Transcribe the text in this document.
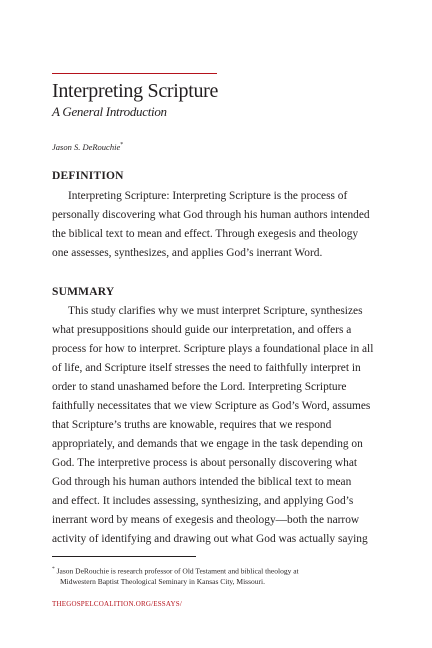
Interpreting Scripture
A General Introduction
Jason S. DeRouchie*
DEFINITION
Interpreting Scripture: Interpreting Scripture is the process of
personally discovering what God through his human authors intended
the biblical text to mean and effect. Through exegesis and theology
one assesses, synthesizes, and applies God’s inerrant Word.
SUMMARY
This study clarifies why we must interpret Scripture, synthesizes
what presuppositions should guide our interpretation, and offers a
process for how to interpret. Scripture plays a foundational place in all
of life, and Scripture itself stresses the need to faithfully interpret in
order to stand unashamed before the Lord. Interpreting Scripture
faithfully necessitates that we view Scripture as God’s Word, assumes
that Scripture’s truths are knowable, requires that we respond
appropriately, and demands that we engage in the task depending on
God. The interpretive process is about personally discovering what
God through his human authors intended the biblical text to mean
and effect. It includes assessing, synthesizing, and applying God’s
inerrant word by means of exegesis and theology—both the narrow
activity of identifying and drawing out what God was actually saying
* Jason DeRouchie is research professor of Old Testament and biblical theology at
Midwestern Baptist Theological Seminary in Kansas City, Missouri.
THEGOSPELCOALITION.ORG/ESSAYS/
